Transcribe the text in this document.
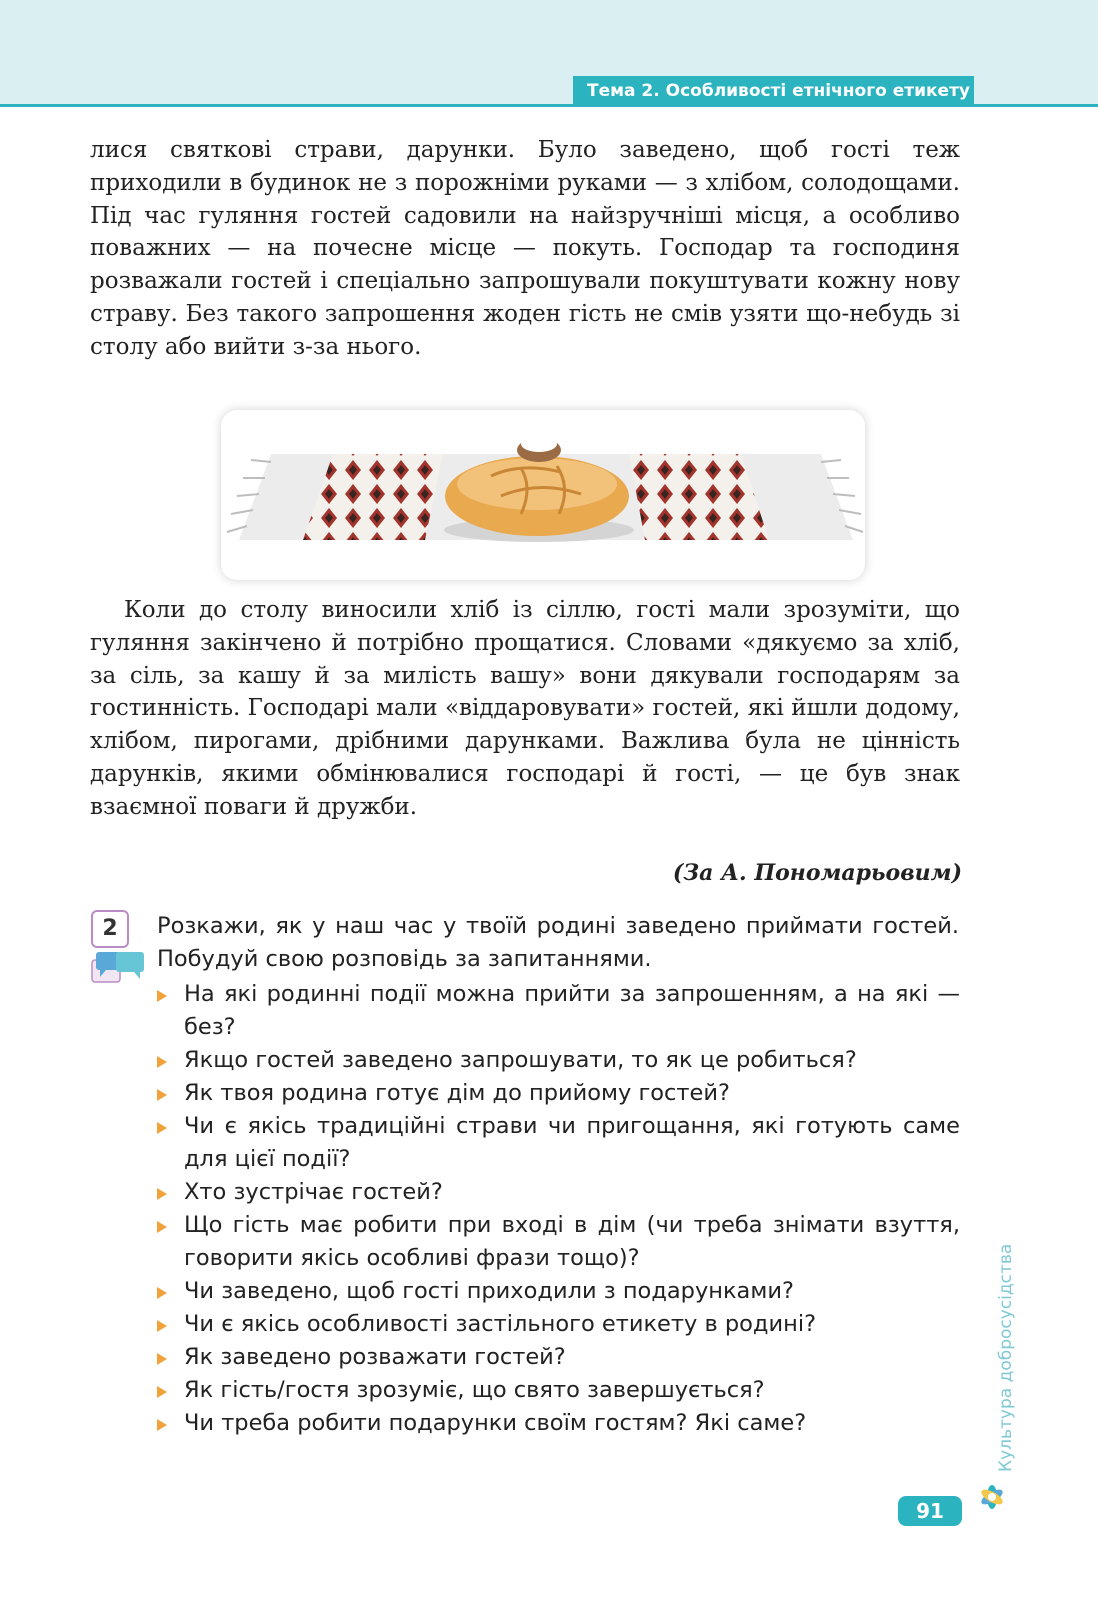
Тема 2. Особливості етнічного етикету
лися святкові страви, дарунки. Було заведено, щоб гості теж приходили в будинок не з порожніми руками — з хлібом, солодощами. Під час гуляння гостей садовили на найзручніші місця, а особливо поважних — на почесне місце — покуть. Господар та господиня розважали гостей і спеціально запрошували покуштувати кожну нову страву. Без такого запрошення жоден гість не смів узяти що-небудь зі столу або вийти з-за нього.
Коли до столу виносили хліб із сіллю, гості мали зрозуміти, що гуляння закінчено й потрібно прощатися. Словами «дякуємо за хліб, за сіль, за кашу й за милість вашу» вони дякували господарям за гостинність. Господарі мали «віддаровувати» гостей, які йшли додому, хлібом, пирогами, дрібними дарунками. Важлива була не цінність дарунків, якими обмінювалися господарі й гості, — це був знак взаємної поваги й дружби.
(За А. Пономарьовим)
2	Розкажи, як у наш час у твоїй родині заведено приймати гостей. Побудуй свою розповідь за запитаннями.
На які родинні події можна прийти за запрошенням, а на які — без?
Якщо гостей заведено запрошувати, то як це робиться?
Як твоя родина готує дім до прийому гостей?
Чи є якісь традиційні страви чи пригощання, які готують саме для цієї події?
Хто зустрічає гостей?
Що гість має робити при вході в дім (чи треба знімати взуття, говорити якісь особливі фрази тощо)?
Чи заведено, щоб гості приходили з подарунками?
Чи є якісь особливості застільного етикету в родині?
Як заведено розважати гостей?
Як гість/гостя зрозуміє, що свято завершується?
Чи треба робити подарунки своїм гостям? Які саме?	Культура добросусідства
91
